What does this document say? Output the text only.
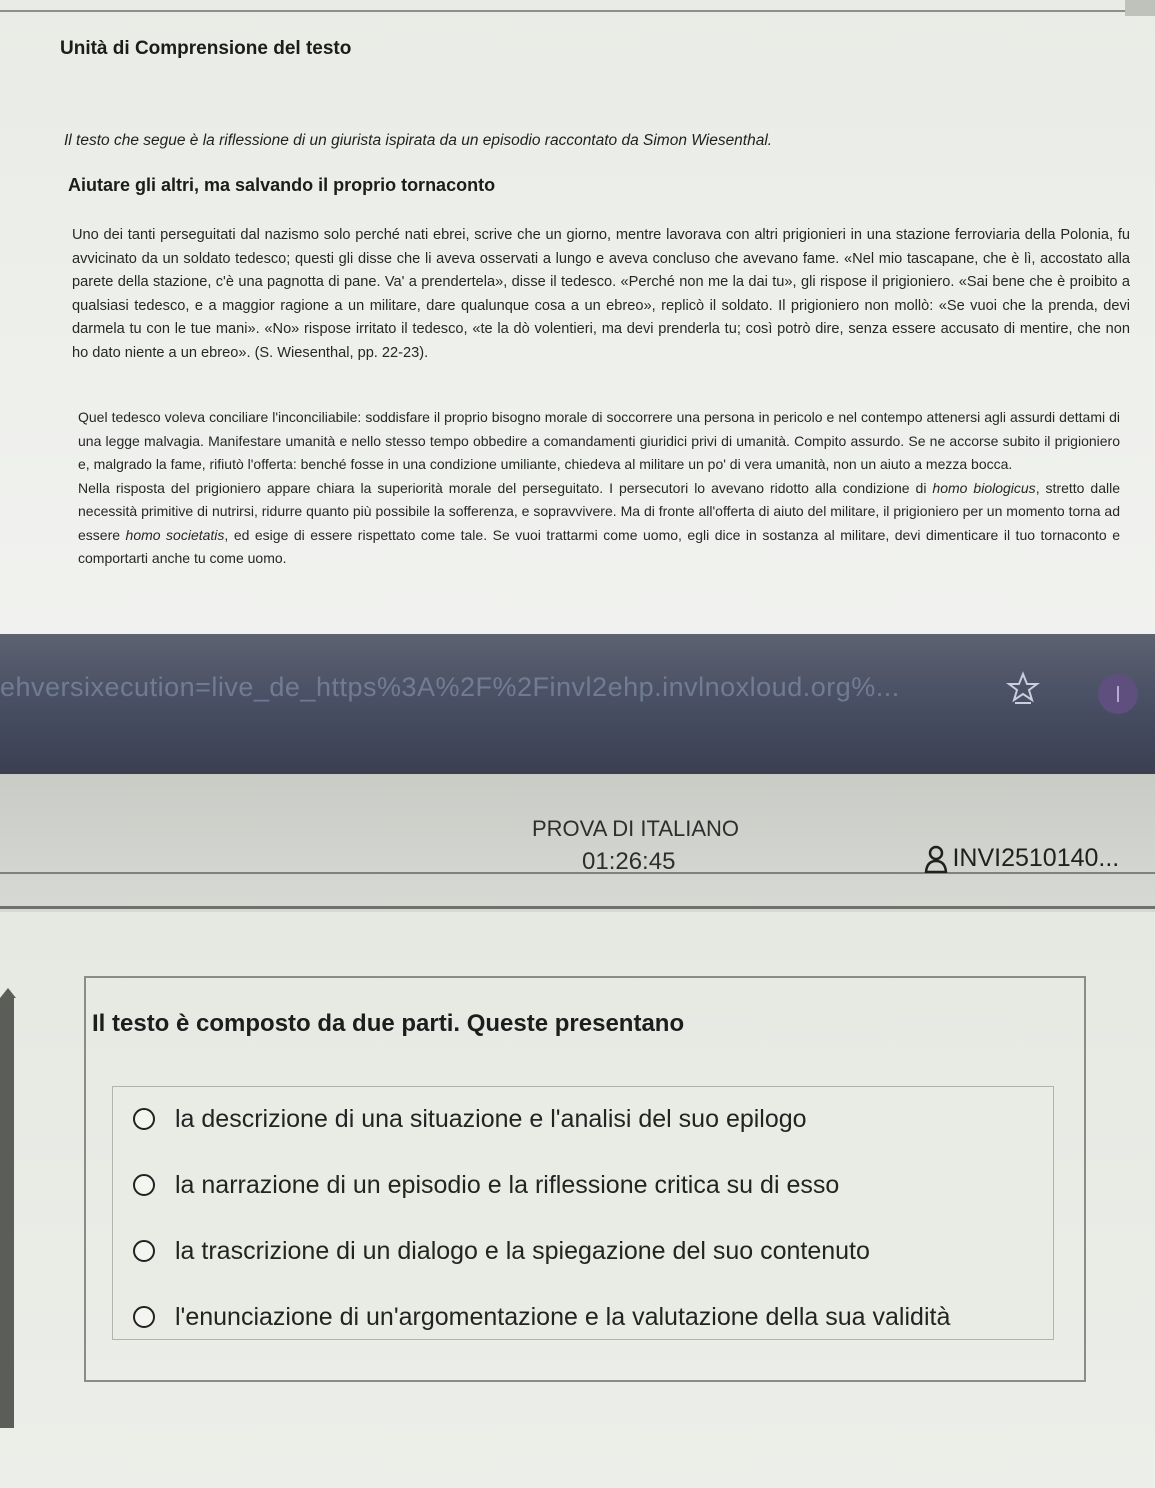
Unità di Comprensione del testo
Il testo che segue è la riflessione di un giurista ispirata da un episodio raccontato da Simon Wiesenthal.
Aiutare gli altri, ma salvando il proprio tornaconto
Uno dei tanti perseguitati dal nazismo solo perché nati ebrei, scrive che un giorno, mentre lavorava con altri prigionieri in una stazione ferroviaria della Polonia, fu avvicinato da un soldato tedesco; questi gli disse che li aveva osservati a lungo e aveva concluso che avevano fame. «Nel mio tascapane, che è lì, accostato alla parete della stazione, c'è una pagnotta di pane. Va' a prendertela», disse il tedesco. «Perché non me la dai tu», gli rispose il prigioniero. «Sai bene che è proibito a qualsiasi tedesco, e a maggior ragione a un militare, dare qualunque cosa a un ebreo», replicò il soldato. Il prigioniero non mollò: «Se vuoi che la prenda, devi darmela tu con le tue mani». «No» rispose irritato il tedesco, «te la dò volentieri, ma devi prenderla tu; così potrò dire, senza essere accusato di mentire, che non ho dato niente a un ebreo». (S. Wiesenthal, pp. 22-23).
Quel tedesco voleva conciliare l'inconciliabile: soddisfare il proprio bisogno morale di soccorrere una persona in pericolo e nel contempo attenersi agli assurdi dettami di una legge malvagia. Manifestare umanità e nello stesso tempo obbedire a comandamenti giuridici privi di umanità. Compito assurdo. Se ne accorse subito il prigioniero e, malgrado la fame, rifiutò l'offerta: benché fosse in una condizione umiliante, chiedeva al militare un po' di vera umanità, non un aiuto a mezza bocca.
Nella risposta del prigioniero appare chiara la superiorità morale del perseguitato. I persecutori lo avevano ridotto alla condizione di homo biologicus, stretto dalle necessità primitive di nutrirsi, ridurre quanto più possibile la sofferenza, e sopravvivere. Ma di fronte all'offerta di aiuto del militare, il prigioniero per un momento torna ad essere homo societatis, ed esige di essere rispettato come tale. Se vuoi trattarmi come uomo, egli dice in sostanza al militare, devi dimenticare il tuo tornaconto e comportarti anche tu come uomo.
ehversixecution=live_de_https%3A%2F%2Finvl2ehp.invlnoxloud.org%...
PROVA DI ITALIANO
01:26:45	INVI2510140...
Il testo è composto da due parti. Queste presentano
la descrizione di una situazione e l'analisi del suo epilogo
la narrazione di un episodio e la riflessione critica su di esso
la trascrizione di un dialogo e la spiegazione del suo contenuto
l'enunciazione di un'argomentazione e la valutazione della sua validità
